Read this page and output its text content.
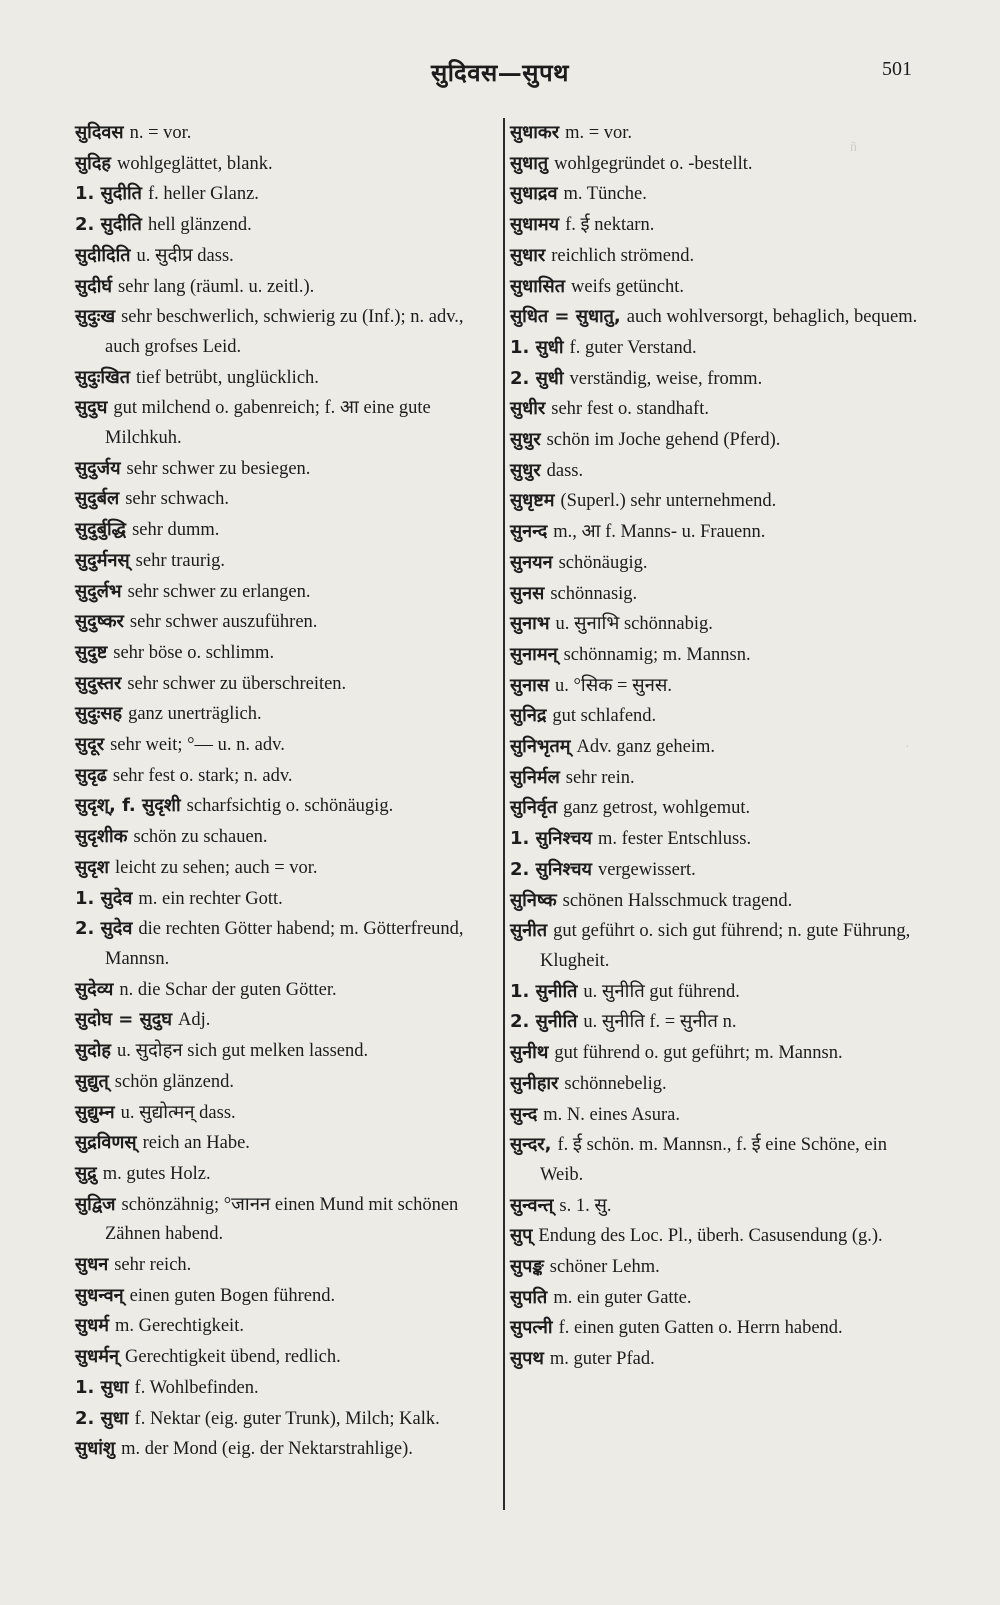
सुदिवस—सुपथ	501

सुदिवस n. = vor.

सुदिह wohlgeglättet, blank.

1. सुदीति f. heller Glanz.

2. सुदीति hell glänzend.

सुदीदिति u. सुदीप्र dass.

सुदीर्घ sehr lang (räuml. u. zeitl.).

सुदुःख sehr beschwerlich, schwierig zu (Inf.); n. adv., auch grofses Leid.

सुदुःखित tief betrübt, unglücklich.

सुदुघ gut milchend o. gabenreich; f. आ eine gute Milchkuh.

सुदुर्जय sehr schwer zu besiegen.

सुदुर्बल sehr schwach.

सुदुर्बुद्धि sehr dumm.

सुदुर्मनस् sehr traurig.

सुदुर्लभ sehr schwer zu erlangen.

सुदुष्कर sehr schwer auszuführen.

सुदुष्ट sehr böse o. schlimm.

सुदुस्तर sehr schwer zu überschreiten.

सुदुःसह ganz unerträglich.

सुदूर sehr weit; °— u. n. adv.

सुदृढ sehr fest o. stark; n. adv.

सुदृश्, f. सुदृशी scharfsichtig o. schönäugig.

सुदृशीक schön zu schauen.

सुदृश leicht zu sehen; auch = vor.

1. सुदेव m. ein rechter Gott.

2. सुदेव die rechten Götter habend; m. Götterfreund, Mannsn.

सुदेव्य n. die Schar der guten Götter.

सुदोघ = सुदुघ Adj.

सुदोह u. सुदोहन sich gut melken lassend.

सुद्युत् schön glänzend.

सुद्युम्न u. सुद्योत्मन् dass.

सुद्रविणस् reich an Habe.

सुद्रु m. gutes Holz.

सुद्विज schönzähnig; °जानन einen Mund mit schönen Zähnen habend.

सुधन sehr reich.

सुधन्वन् einen guten Bogen führend.

सुधर्म m. Gerechtigkeit.

सुधर्मन् Gerechtigkeit übend, redlich.

1. सुधा f. Wohlbefinden.

2. सुधा f. Nektar (eig. guter Trunk), Milch; Kalk.

सुधांशु m. der Mond (eig. der Nektarstrahlige).

सुधाकर m. = vor.

सुधातु wohlgegründet o. -bestellt.

सुधाद्रव m. Tünche.

सुधामय f. ई nektarn.

सुधार reichlich strömend.

सुधासित weifs getüncht.

सुधित = सुधातु, auch wohlversorgt, behaglich, bequem.

1. सुधी f. guter Verstand.

2. सुधी verständig, weise, fromm.

सुधीर sehr fest o. standhaft.

सुधुर schön im Joche gehend (Pferd).

सुधुर dass.

सुधृष्टम (Superl.) sehr unternehmend.

सुनन्द m., आ f. Manns- u. Frauenn.

सुनयन schönäugig.

सुनस schönnasig.

सुनाभ u. सुनाभि schönnabig.

सुनामन् schönnamig; m. Mannsn.

सुनास u. °सिक = सुनस.

सुनिद्र gut schlafend.

सुनिभृतम् Adv. ganz geheim.

सुनिर्मल sehr rein.

सुनिर्वृत ganz getrost, wohlgemut.

1. सुनिश्चय m. fester Entschluss.

2. सुनिश्चय vergewissert.

सुनिष्क schönen Halsschmuck tragend.

सुनीत gut geführt o. sich gut führend; n. gute Führung, Klugheit.

1. सुनीति u. सुनीति gut führend.

2. सुनीति u. सुनीति f. = सुनीत n.

सुनीथ gut führend o. gut geführt; m. Mannsn.

सुनीहार schönnebelig.

सुन्द m. N. eines Asura.

सुन्दर, f. ई schön. m. Mannsn., f. ई eine Schöne, ein Weib.

सुन्वन्त् s. 1. सु.

सुप् Endung des Loc. Pl., überh. Casusendung (g.).

सुपङ्क schöner Lehm.

सुपति m. ein guter Gatte.

सुपत्नी f. einen guten Gatten o. Herrn habend.

सुपथ m. guter Pfad.

ñ
·
